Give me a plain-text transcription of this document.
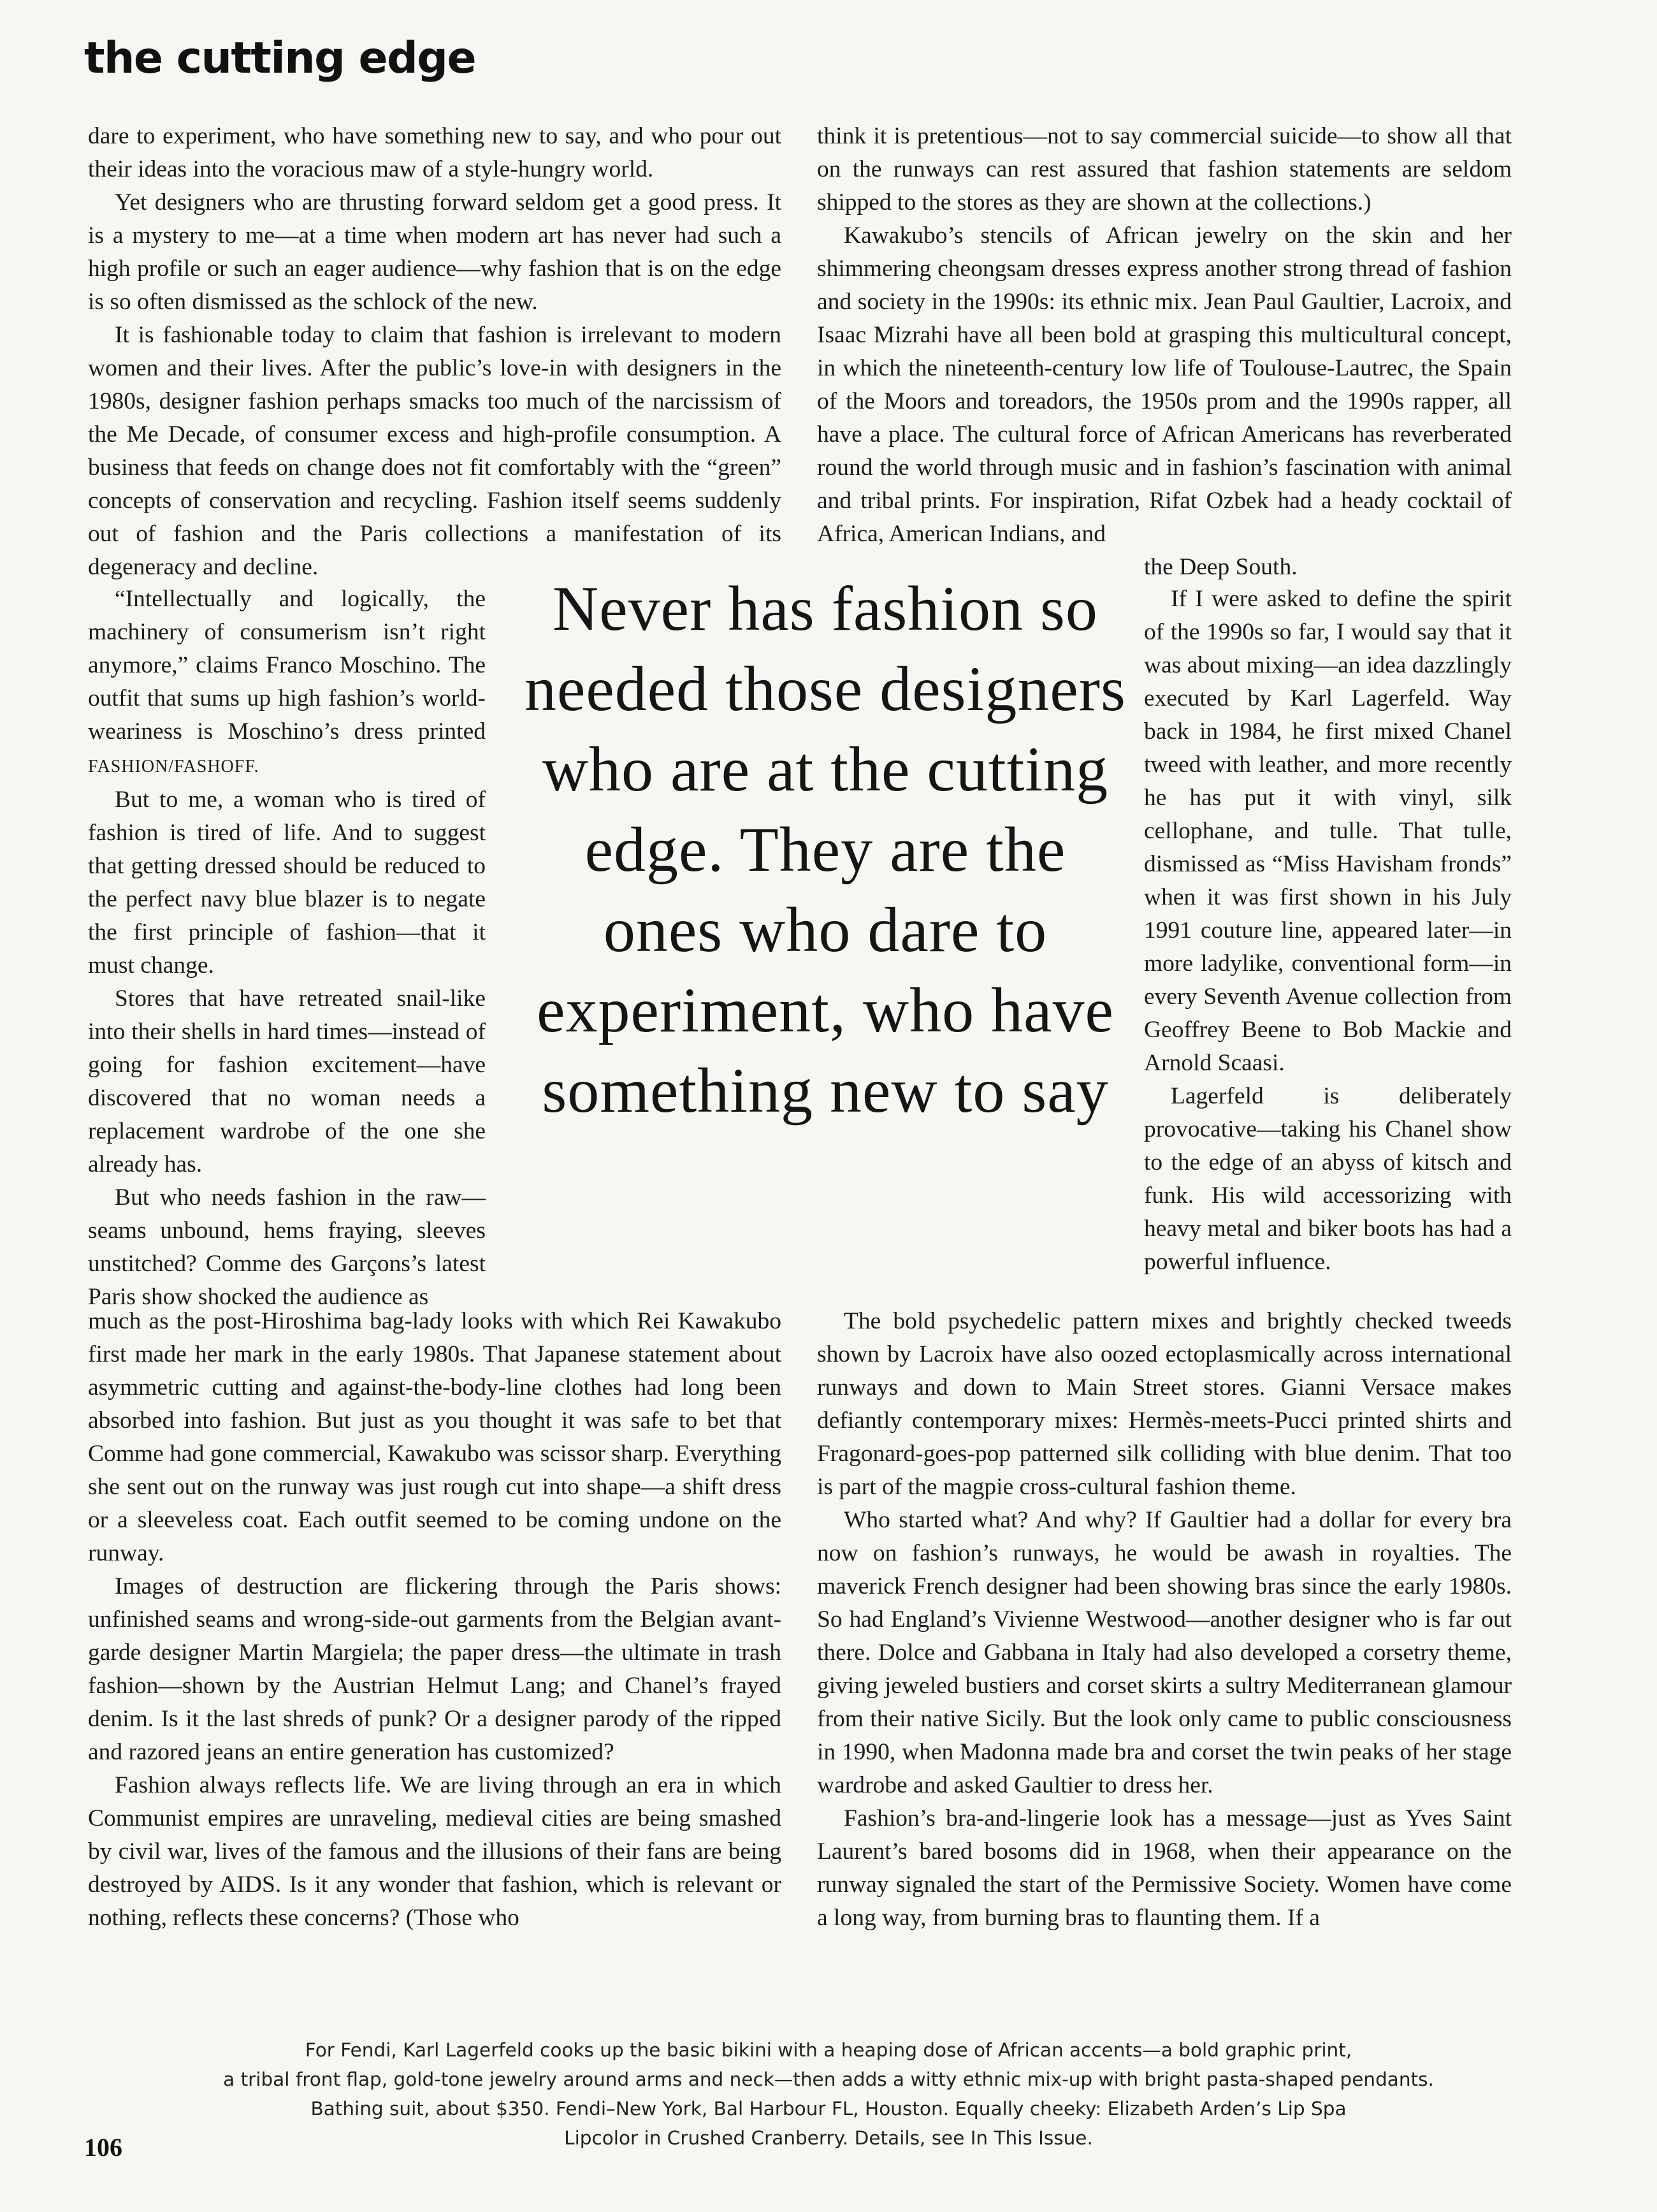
the cutting edge

dare to experiment, who have something new to say, and who pour out their ideas into the voracious maw of a style-hungry world.

Yet designers who are thrusting forward seldom get a good press. It is a mystery to me—at a time when modern art has never had such a high profile or such an eager audience—why fashion that is on the edge is so often dismissed as the schlock of the new.

It is fashionable today to claim that fashion is irrelevant to modern women and their lives. After the public’s love-in with designers in the 1980s, designer fashion perhaps smacks too much of the narcissism of the Me Decade, of consumer excess and high-profile consumption. A business that feeds on change does not fit comfortably with the “green” concepts of conservation and recycling. Fashion itself seems suddenly out of fashion and the Paris collections a manifestation of its degeneracy and decline.

“Intellectually and logically, the machinery of consumerism isn’t right anymore,” claims Franco Moschino. The outfit that sums up high fashion’s world-weariness is Moschino’s dress printed FASHION/FASHOFF.

But to me, a woman who is tired of fashion is tired of life. And to suggest that getting dressed should be reduced to the perfect navy blue blazer is to negate the first principle of fashion—that it must change.

Stores that have retreated snail-like into their shells in hard times—instead of going for fashion excitement—have discovered that no woman needs a replacement wardrobe of the one she already has.

But who needs fashion in the raw—seams unbound, hems fraying, sleeves unstitched? Comme des Garçons’s latest Paris show shocked the audience as

much as the post-Hiroshima bag-lady looks with which Rei Kawakubo first made her mark in the early 1980s. That Japanese statement about asymmetric cutting and against-the-body-line clothes had long been absorbed into fashion. But just as you thought it was safe to bet that Comme had gone commercial, Kawakubo was scissor sharp. Everything she sent out on the runway was just rough cut into shape—a shift dress or a sleeveless coat. Each outfit seemed to be coming undone on the runway.

Images of destruction are flickering through the Paris shows: unfinished seams and wrong-side-out garments from the Belgian avant-garde designer Martin Margiela; the paper dress—the ultimate in trash fashion—shown by the Austrian Helmut Lang; and Chanel’s frayed denim. Is it the last shreds of punk? Or a designer parody of the ripped and razored jeans an entire generation has customized?

Fashion always reflects life. We are living through an era in which Communist empires are unraveling, medieval cities are being smashed by civil war, lives of the famous and the illusions of their fans are being destroyed by AIDS. Is it any wonder that fashion, which is relevant or nothing, reflects these concerns? (Those who

think it is pretentious—not to say commercial suicide—to show all that on the runways can rest assured that fashion statements are seldom shipped to the stores as they are shown at the collections.)

Kawakubo’s stencils of African jewelry on the skin and her shimmering cheongsam dresses express another strong thread of fashion and society in the 1990s: its ethnic mix. Jean Paul Gaultier, Lacroix, and Isaac Mizrahi have all been bold at grasping this multicultural concept, in which the nineteenth-century low life of Toulouse-Lautrec, the Spain of the Moors and toreadors, the 1950s prom and the 1990s rapper, all have a place. The cultural force of African Americans has reverberated round the world through music and in fashion’s fascination with animal and tribal prints. For inspiration, Rifat Ozbek had a heady cocktail of Africa, American Indians, and

the Deep South.

If I were asked to define the spirit of the 1990s so far, I would say that it was about mixing—an idea dazzlingly executed by Karl Lagerfeld. Way back in 1984, he first mixed Chanel tweed with leather, and more recently he has put it with vinyl, silk cellophane, and tulle. That tulle, dismissed as “Miss Havisham fronds” when it was first shown in his July 1991 couture line, appeared later—in more ladylike, conventional form—in every Seventh Avenue collection from Geoffrey Beene to Bob Mackie and Arnold Scaasi.

Lagerfeld is deliberately provocative—taking his Chanel show to the edge of an abyss of kitsch and funk. His wild accessorizing with heavy metal and biker boots has had a powerful influence.

The bold psychedelic pattern mixes and brightly checked tweeds shown by Lacroix have also oozed ectoplasmically across international runways and down to Main Street stores. Gianni Versace makes defiantly contemporary mixes: Hermès-meets-Pucci printed shirts and Fragonard-goes-pop patterned silk colliding with blue denim. That too is part of the magpie cross-cultural fashion theme.

Who started what? And why? If Gaultier had a dollar for every bra now on fashion’s runways, he would be awash in royalties. The maverick French designer had been showing bras since the early 1980s. So had England’s Vivienne Westwood—another designer who is far out there. Dolce and Gabbana in Italy had also developed a corsetry theme, giving jeweled bustiers and corset skirts a sultry Mediterranean glamour from their native Sicily. But the look only came to public consciousness in 1990, when Madonna made bra and corset the twin peaks of her stage wardrobe and asked Gaultier to dress her.

Fashion’s bra-and-lingerie look has a message—just as Yves Saint Laurent’s bared bosoms did in 1968, when their appearance on the runway signaled the start of the Permissive Society. Women have come a long way, from burning bras to flaunting them. If a

Never has fashion so needed those designers who are at the cutting edge. They are the ones who dare to experiment, who have something new to say
For Fendi, Karl Lagerfeld cooks up the basic bikini with a heaping dose of African accents—a bold graphic print,
a tribal front flap, gold-tone jewelry around arms and neck—then adds a witty ethnic mix-up with bright pasta-shaped pendants.
Bathing suit, about $350. Fendi–New York, Bal Harbour FL, Houston. Equally cheeky: Elizabeth Arden’s Lip Spa
Lipcolor in Crushed Cranberry. Details, see In This Issue.
106
